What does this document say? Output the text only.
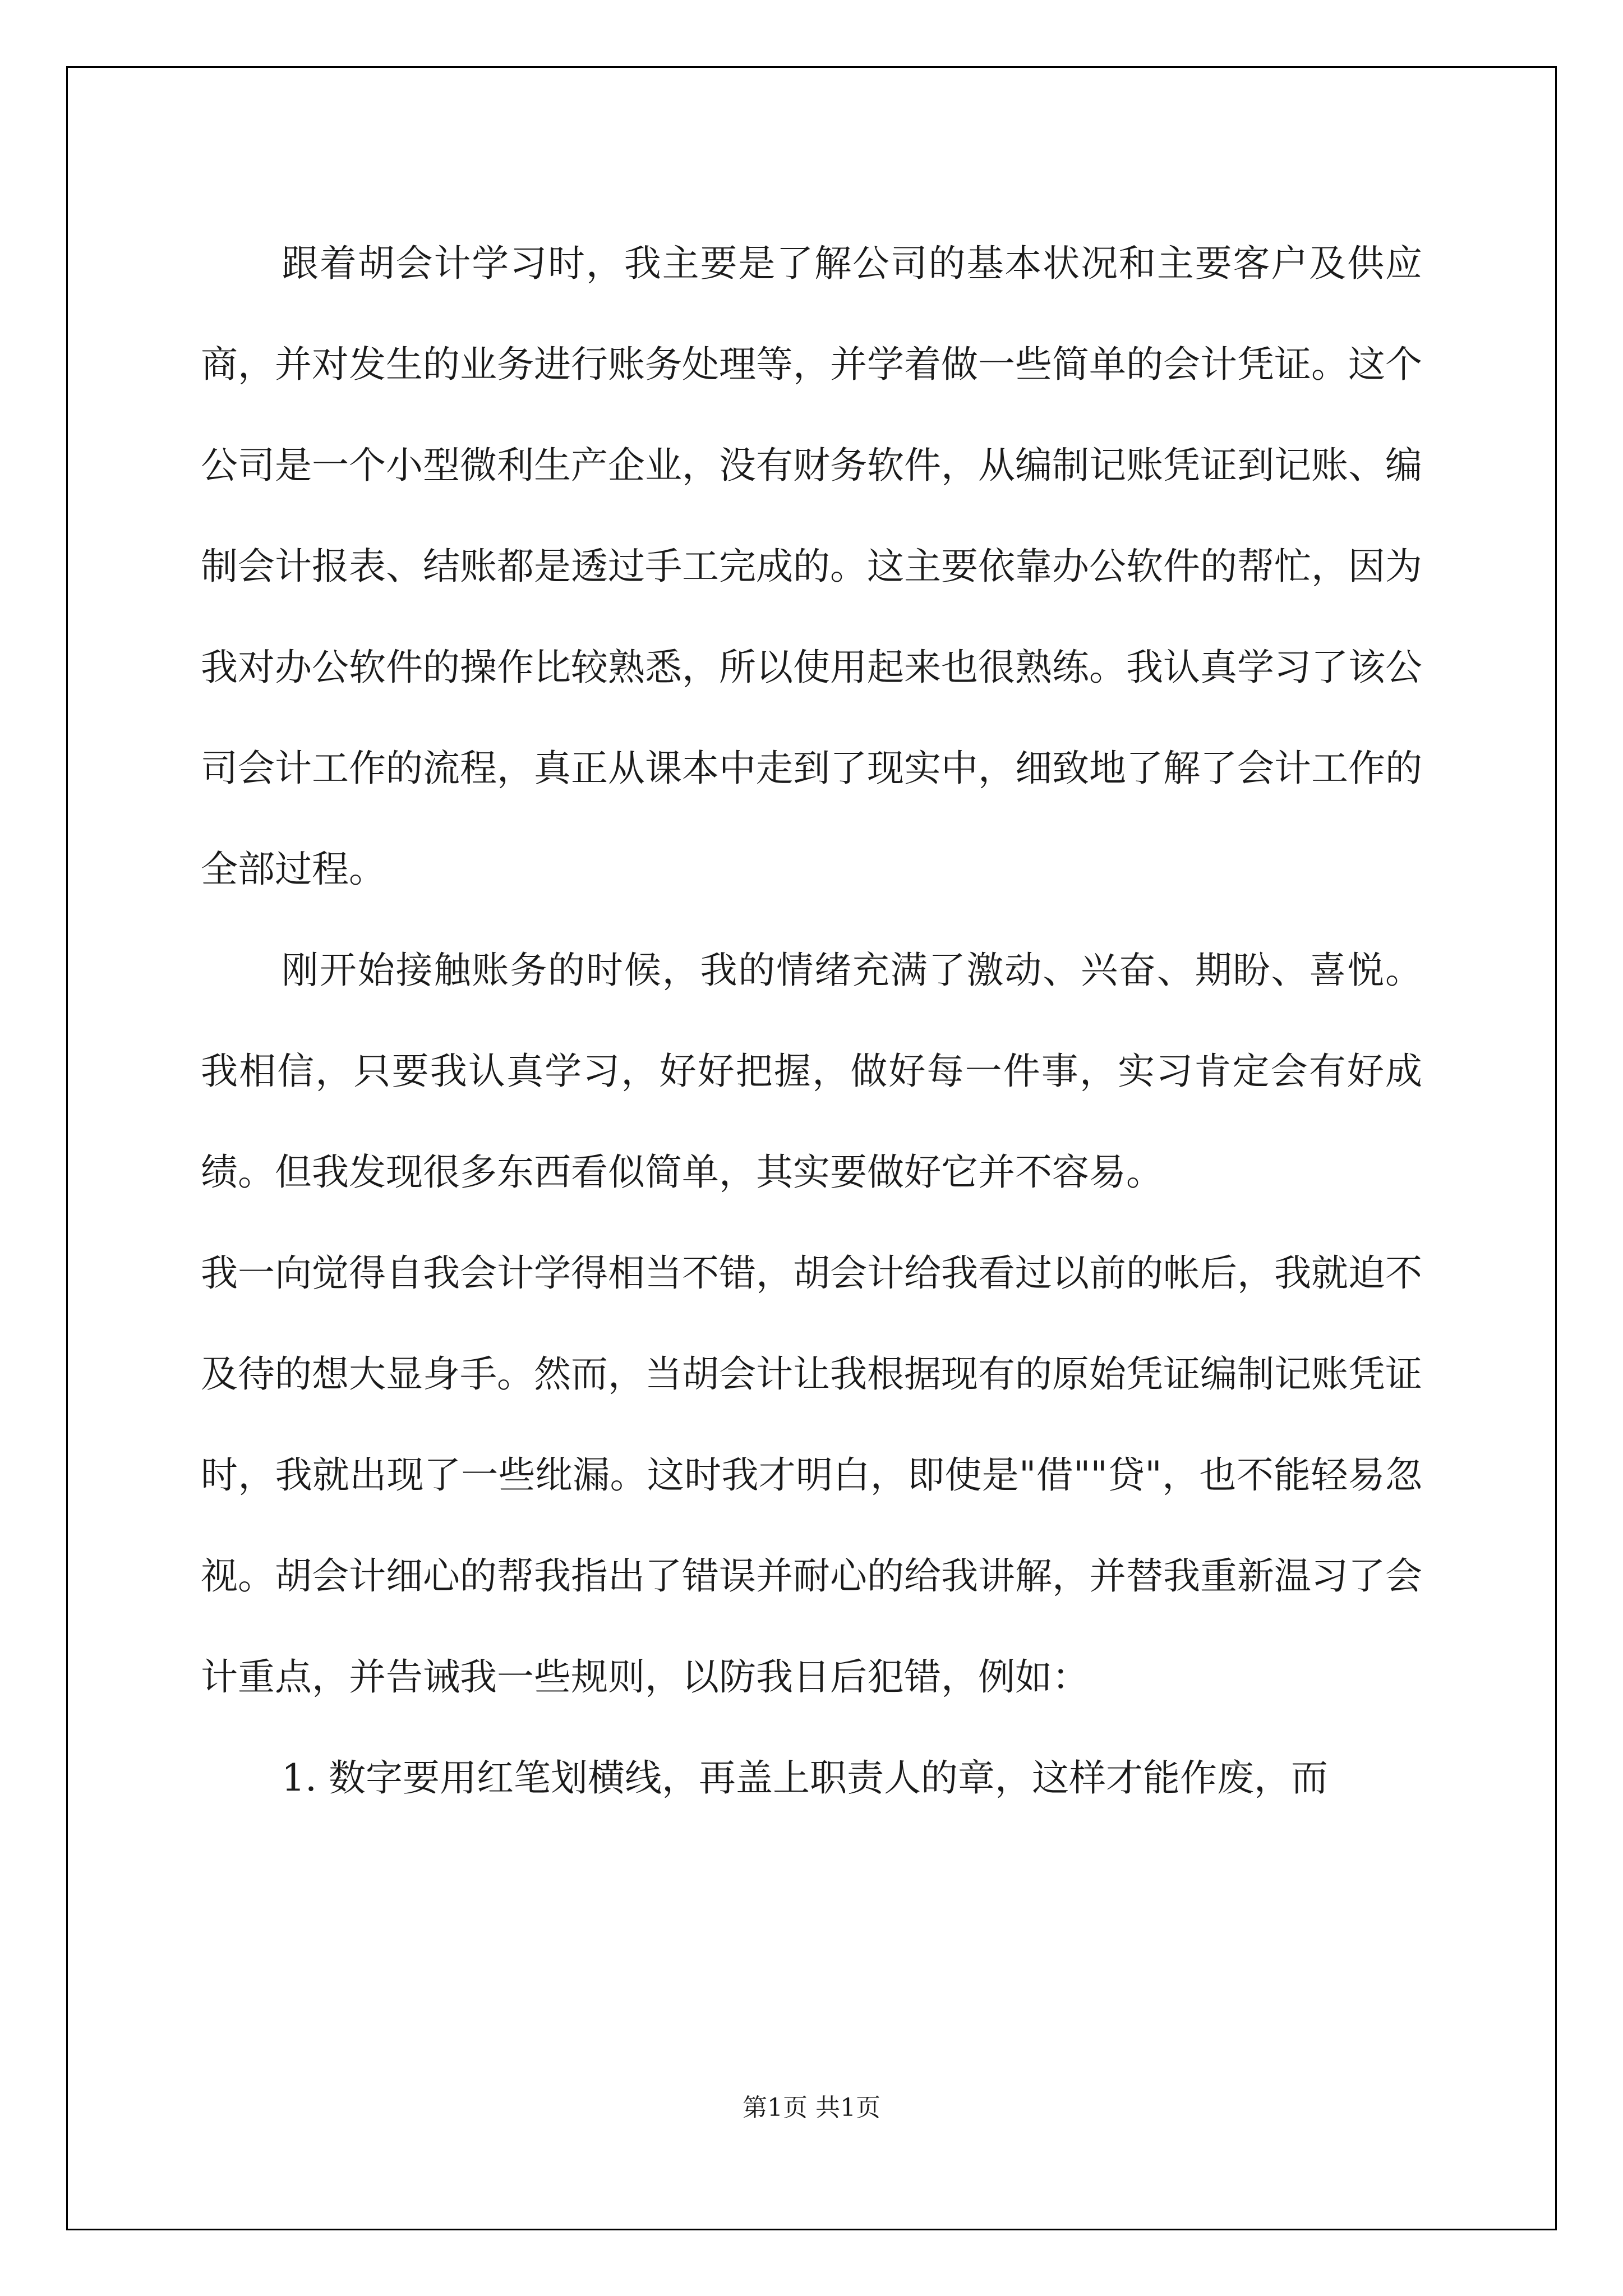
跟着胡会计学习时，我主要是了解公司的基本状况和主要客户及供应商，并对发生的业务进行账务处理等，并学着做一些简单的会计凭证。这个公司是一个小型微利生产企业，没有财务软件，从编制记账凭证到记账、编制会计报表、结账都是透过手工完成的。这主要依靠办公软件的帮忙，因为我对办公软件的操作比较熟悉，所以使用起来也很熟练。我认真学习了该公司会计工作的流程，真正从课本中走到了现实中，细致地了解了会计工作的全部过程。

刚开始接触账务的时候，我的情绪充满了激动、兴奋、期盼、喜悦。我相信，只要我认真学习，好好把握，做好每一件事，实习肯定会有好成绩。但我发现很多东西看似简单，其实要做好它并不容易。

我一向觉得自我会计学得相当不错，胡会计给我看过以前的帐后，我就迫不及待的想大显身手。然而，当胡会计让我根据现有的原始凭证编制记账凭证时，我就出现了一些纰漏。这时我才明白，即使是"借""贷"，也不能轻易忽视。胡会计细心的帮我指出了错误并耐心的给我讲解，并替我重新温习了会计重点，并告诫我一些规则，以防我日后犯错，例如：

1. 数字要用红笔划横线，再盖上职责人的章，这样才能作废，而

第1页 共1页
